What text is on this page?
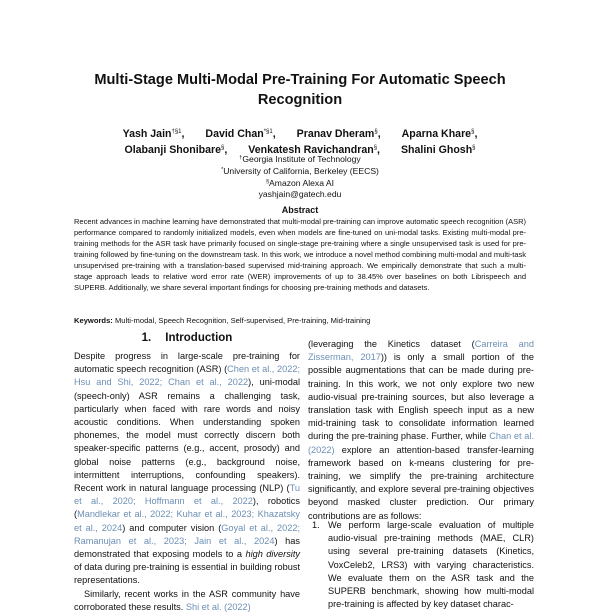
Multi-Stage Multi-Modal Pre-Training For Automatic Speech Recognition
Yash Jain$^{\dagger\S 1}$, David Chan$^{*\S 1}$, Pranav Dheram§, Aparna Khare§,
Olabanji Shonibare§, Venkatesh Ravichandran§, Shalini Ghosh§
†Georgia Institute of Technology
*University of California, Berkeley (EECS)
§Amazon Alexa AI
yashjain@gatech.edu
Abstract
Recent advances in machine learning have demonstrated that multi-modal pre-training can improve automatic speech recognition (ASR) performance compared to randomly initialized models, even when models are fine-tuned on uni-modal tasks. Existing multi-modal pre-training methods for the ASR task have primarily focused on single-stage pre-training where a single unsupervised task is used for pre-training followed by fine-tuning on the downstream task. In this work, we introduce a novel method combining multi-modal and multi-task unsupervised pre-training with a translation-based supervised mid-training approach. We empirically demonstrate that such a multi-stage approach leads to relative word error rate (WER) improvements of up to 38.45% over baselines on both Librispeech and SUPERB. Additionally, we share several important findings for choosing pre-training methods and datasets.
Keywords: Multi-modal, Speech Recognition, Self-supervised, Pre-training, Mid-training
1. Introduction

Despite progress in large-scale pre-training for automatic speech recognition (ASR) (Chen et al., 2022; Hsu and Shi, 2022; Chan et al., 2022), uni-modal (speech-only) ASR remains a challenging task, particularly when faced with rare words and noisy acoustic conditions. When understanding spoken phonemes, the model must correctly discern both speaker-specific patterns (e.g., accent, prosody) and global noise patterns (e.g., background noise, intermittent interruptions, confounding speakers). Recent work in natural language processing (NLP) (Tu et al., 2020; Hoffmann et al., 2022), robotics (Mandlekar et al., 2022; Kuhar et al., 2023; Khazatsky et al., 2024) and computer vision (Goyal et al., 2022; Ramanujan et al., 2023; Jain et al., 2024) has demonstrated that exposing models to a high diversity of data during pre-training is essential in building robust representations.

Similarly, recent works in the ASR community have corroborated these results. Shi et al. (2022)

(leveraging the Kinetics dataset (Carreira and Zisserman, 2017)) is only a small portion of the possible augmentations that can be made during pre-training. In this work, we not only explore two new audio-visual pre-training sources, but also leverage a translation task with English speech input as a new mid-training task to consolidate information learned during the pre-training phase. Further, while Chan et al. (2022) explore an attention-based transfer-learning framework based on k-means clustering for pre-training, we simplify the pre-training architecture significantly, and explore several pre-training objectives beyond masked cluster prediction. Our primary contributions are as follows:

1. We perform large-scale evaluation of multiple audio-visual pre-training methods (MAE, CLR) using several pre-training datasets (Kinetics, VoxCeleb2, LRS3) with varying characteristics. We evaluate them on the ASR task and the SUPERB benchmark, showing how multi-modal pre-training is affected by key dataset charac-
